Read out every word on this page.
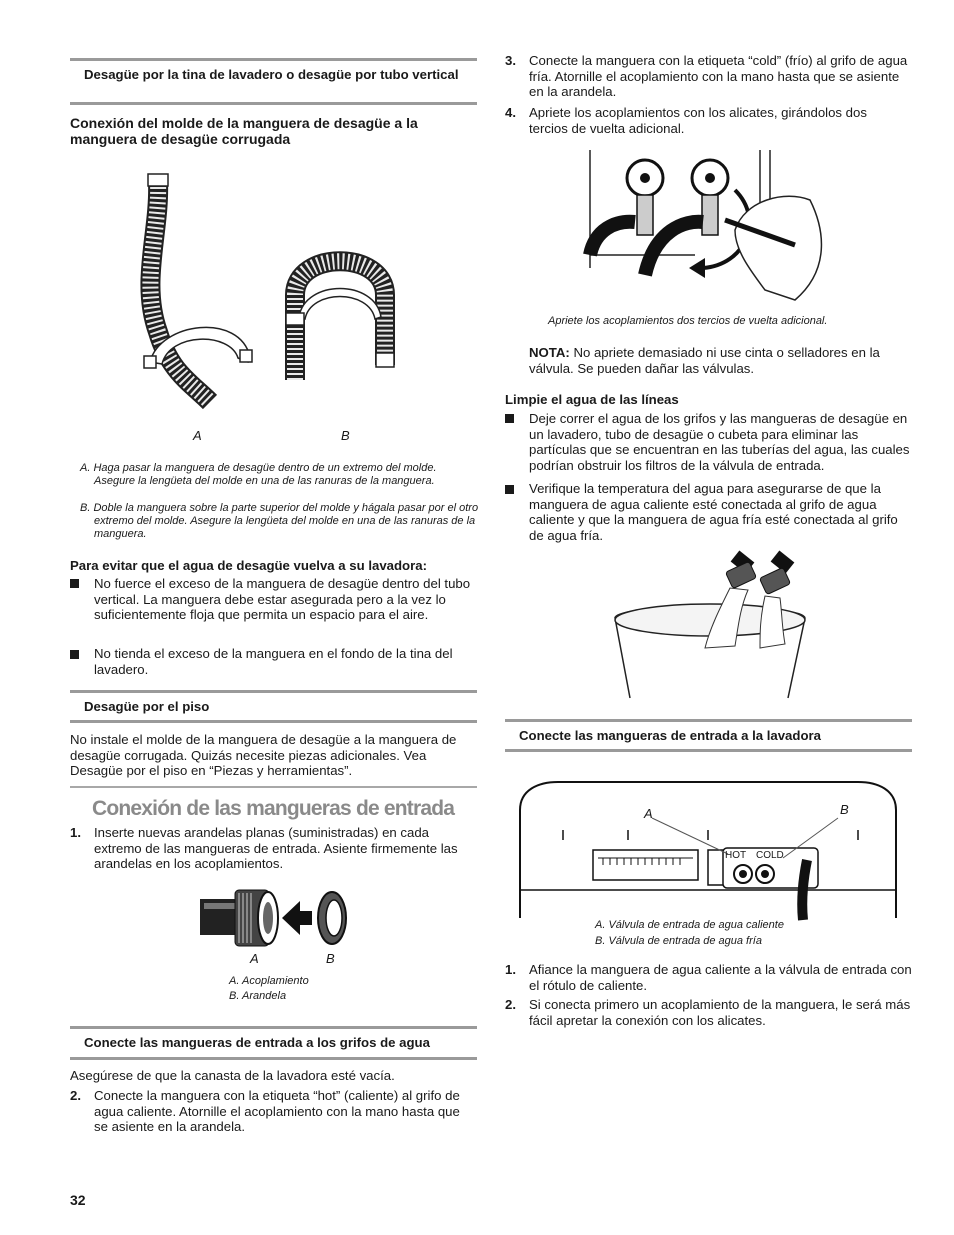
Desagüe por la tina de lavadero o desagüe por tubo vertical
Conexión del molde de la manguera de desagüe a la manguera de desagüe corrugada
A	B
A. Haga pasar la manguera de desagüe dentro de un extremo del molde. Asegure la lengüeta del molde en una de las ranuras de la manguera.
B. Doble la manguera sobre la parte superior del molde y hágala pasar por el otro extremo del molde. Asegure la lengüeta del molde en una de las ranuras de la manguera.
Para evitar que el agua de desagüe vuelva a su lavadora:
No fuerce el exceso de la manguera de desagüe dentro del tubo vertical. La manguera debe estar asegurada pero a la vez lo suficientemente floja que permita un espacio para el aire.
No tienda el exceso de la manguera en el fondo de la tina del lavadero.
Desagüe por el piso
No instale el molde de la manguera de desagüe a la manguera de desagüe corrugada. Quizás necesite piezas adicionales. Vea Desagüe por el piso en “Piezas y herramientas”.
Conexión de las mangueras de entrada
1. Inserte nuevas arandelas planas (suministradas) en cada extremo de las mangueras de entrada. Asiente firmemente las arandelas en los acoplamientos.
A	B
A. Acoplamiento
B. Arandela
Conecte las mangueras de entrada a los grifos de agua
Asegúrese de que la canasta de la lavadora esté vacía.
2. Conecte la manguera con la etiqueta “hot” (caliente) al grifo de agua caliente. Atornille el acoplamiento con la mano hasta que se asiente en la arandela.
32
3. Conecte la manguera con la etiqueta “cold” (frío) al grifo de agua fría. Atornille el acoplamiento con la mano hasta que se asiente en la arandela.
4. Apriete los acoplamientos con los alicates, girándolos dos tercios de vuelta adicional.
Apriete los acoplamientos dos tercios de vuelta adicional.
NOTA: No apriete demasiado ni use cinta o selladores en la válvula. Se pueden dañar las válvulas.
Limpie el agua de las líneas
Deje correr el agua de los grifos y las mangueras de desagüe en un lavadero, tubo de desagüe o cubeta para eliminar las partículas que se encuentran en las tuberías del agua, las cuales podrían obstruir los filtros de la válvula de entrada.
Verifique la temperatura del agua para asegurarse de que la manguera de agua caliente esté conectada al grifo de agua caliente y que la manguera de agua fría esté conectada al grifo de agua fría.
Conecte las mangueras de entrada a la lavadora
A	B
HOT COLD
A. Válvula de entrada de agua caliente
B. Válvula de entrada de agua fría
1. Afiance la manguera de agua caliente a la válvula de entrada con el rótulo de caliente.
2. Si conecta primero un acoplamiento de la manguera, le será más fácil apretar la conexión con los alicates.
